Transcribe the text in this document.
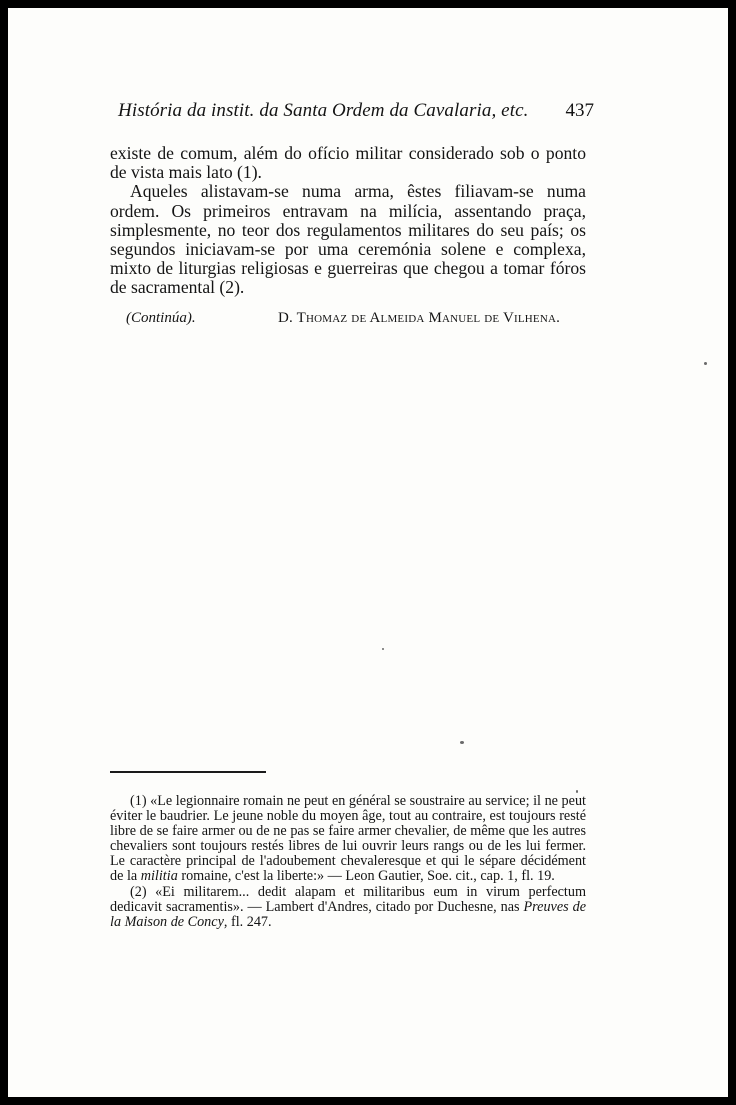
História da instit. da Santa Ordem da Cavalaria, etc. 437

existe de comum, além do ofício militar considerado sob o ponto de vista mais lato (1).

Aqueles alistavam-se numa arma, êstes filiavam-se numa ordem. Os primeiros entravam na milícia, assentando praça, simplesmente, no teor dos regulamentos militares do seu país; os segundos iniciavam-se por uma ceremónia solene e complexa, mixto de liturgias religiosas e guerreiras que chegou a tomar fóros de sacramental (2).

(Continúa).	D. Thomaz de Almeida Manuel de Vilhena.

(1) «Le legionnaire romain ne peut en général se soustraire au service; il ne peut éviter le baudrier. Le jeune noble du moyen âge, tout au contraire, est toujours resté libre de se faire armer ou de ne pas se faire armer chevalier, de même que les autres chevaliers sont toujours restés libres de lui ouvrir leurs rangs ou de les lui fermer. Le caractère principal de l'adoubement chevaleresque et qui le sépare décidément de la militia romaine, c'est la liberte:» — Leon Gautier, Soe. cit., cap. 1, fl. 19.

(2) «Ei militarem... dedit alapam et militaribus eum in virum perfectum dedicavit sacramentis». — Lambert d'Andres, citado por Duchesne, nas Preuves de la Maison de Concy, fl. 247.
